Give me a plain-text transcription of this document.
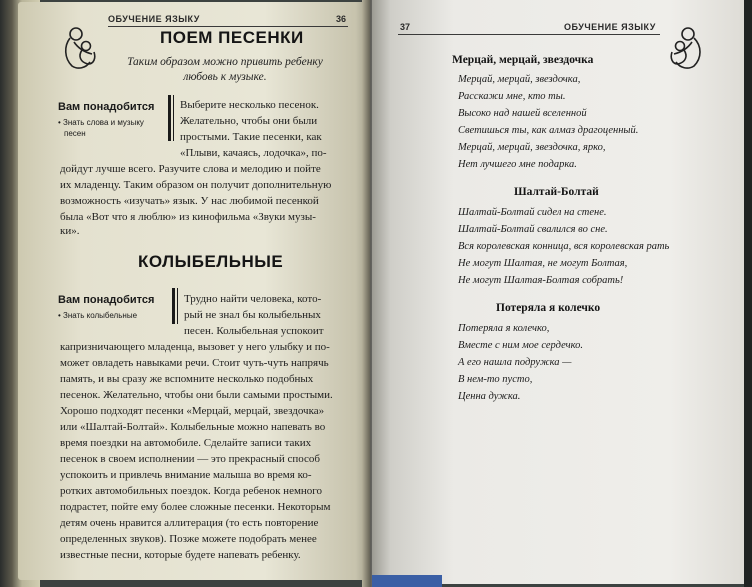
ОБУЧЕНИЕ ЯЗЫКУ	36
ПОЕМ ПЕСЕНКИ
Таким образом можно привить ребенку
любовь к музыке.
Вам понадобится
• Знать слова и музыку
песен
Выберите несколько песенок.
Желательно, чтобы они были
простыми. Такие песенки, как
«Плыви, качаясь, лодочка», по-
дойдут лучше всего. Разучите слова и мелодию и пойте
их младенцу. Таким образом он получит дополнительную
возможность «изучать» язык. У нас любимой песенкой
была «Вот что я люблю» из кинофильма «Звуки музы-
ки».
КОЛЫБЕЛЬНЫЕ
Вам понадобится
• Знать колыбельные
Трудно найти человека, кото-
рый не знал бы колыбельных
песен. Колыбельная успокоит
капризничающего младенца, вызовет у него улыбку и по-
может овладеть навыками речи. Стоит чуть-чуть напрячь
память, и вы сразу же вспомните несколько подобных
песенок. Желательно, чтобы они были самыми простыми.
Хорошо подходят песенки «Мерцай, мерцай, звездочка»
или «Шалтай-Болтай». Колыбельные можно напевать во
время поездки на автомобиле. Сделайте записи таких
песенок в своем исполнении — это прекрасный способ
успокоить и привлечь внимание малыша во время ко-
ротких автомобильных поездок. Когда ребенок немного
подрастет, пойте ему более сложные песенки. Некоторым
детям очень нравится аллитерация (то есть повторение
определенных звуков). Позже можете подобрать менее
известные песни, которые будете напевать ребенку.
37	ОБУЧЕНИЕ ЯЗЫКУ
Мерцай, мерцай, звездочка
Мерцай, мерцай, звездочка,
Расскажи мне, кто ты.
Высоко над нашей вселенной
Светишься ты, как алмаз драгоценный.
Мерцай, мерцай, звездочка, ярко,
Нет лучшего мне подарка.
Шалтай-Болтай
Шалтай-Болтай сидел на стене.
Шалтай-Болтай свалился во сне.
Вся королевская конница, вся королевская рать
Не могут Шалтая, не могут Болтая,
Не могут Шалтая-Болтая собрать!
Потеряла я колечко
Потеряла я колечко,
Вместе с ним мое сердечко.
А его нашла подружка —
В нем-то пусто,
Ценна дужка.
